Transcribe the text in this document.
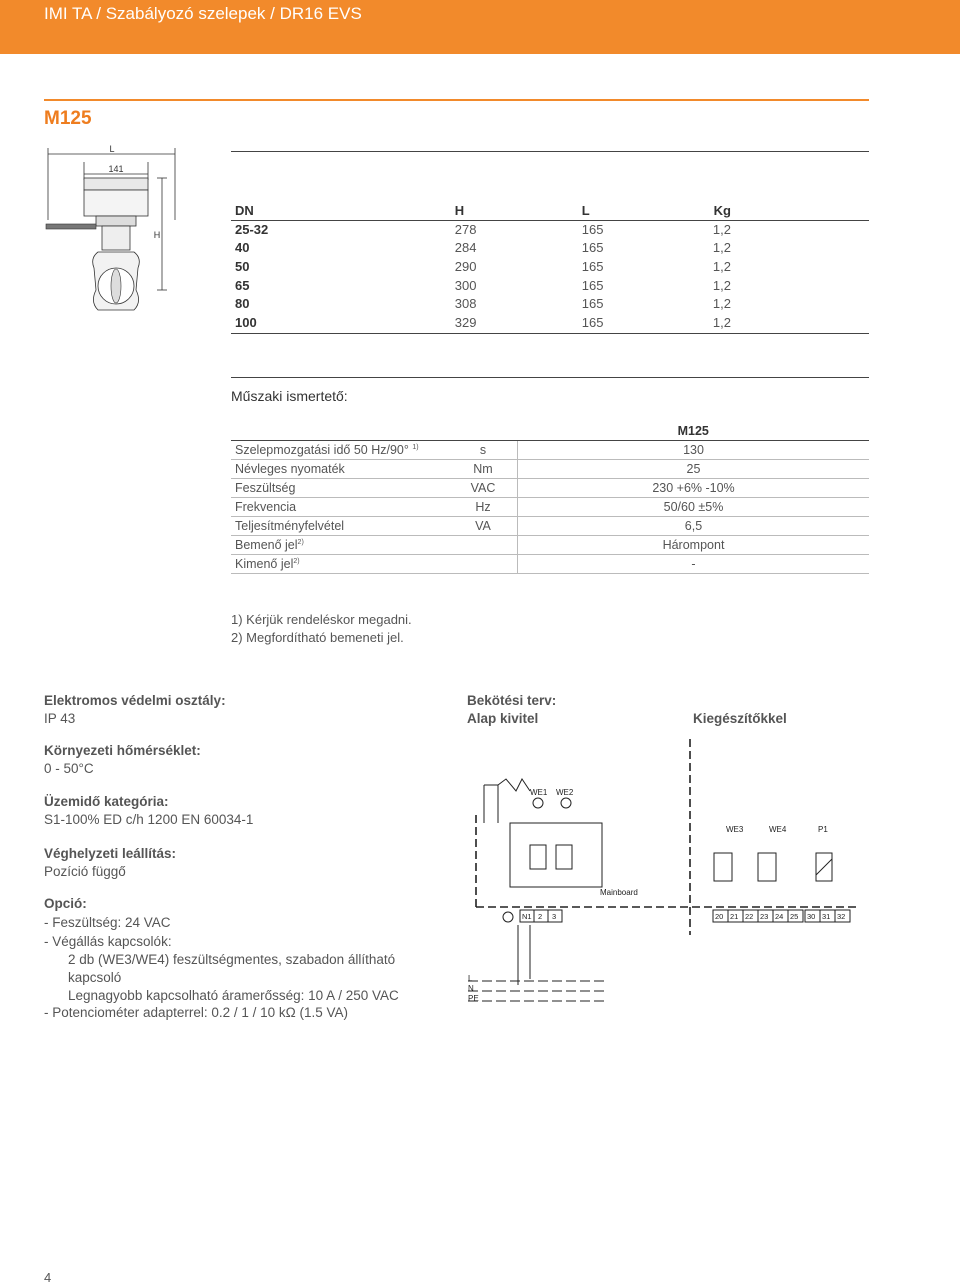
IMI TA / Szabályozó szelepek / DR16 EVS
M125
L
141
H
DN	H	L	Kg
25-32	278	165	1,2
40	284	165	1,2
50	290	165	1,2
65	300	165	1,2
80	308	165	1,2
100	329	165	1,2
Műszaki ismertető:
		M125
Szelepmozgatási idő 50 Hz/90° $^{1)}$	s	130
Névleges nyomaték	Nm	25
Feszültség	VAC	230 +6% -10%
Frekvencia	Hz	50/60 ±5%
Teljesítményfelvétel	VA	6,5
Bemenő jel$^{2)}$		Hárompont
Kimenő jel$^{2)}$		-
1) Kérjük rendeléskor megadni.
2) Megfordítható bemeneti jel.
Elektromos védelmi osztály:
IP 43
Környezeti hőmérséklet:
0 - 50°C
Üzemidő kategória:
S1-100% ED c/h 1200 EN 60034-1
Véghelyzeti leállítás:
Pozíció függő
Opció:
- Feszültség: 24 VAC
- Végállás kapcsolók:
2 db (WE3/WE4) feszültségmentes, szabadon állítható
kapcsoló
Legnagyobb kapcsolható áramerősség: 10 A / 250 VAC
- Potenciométer adapterrel: 0.2 / 1 / 10 kΩ (1.5 VA)
Bekötési terv:
Alap kivitel	Kiegészítőkkel
WE1 WE2
WE3	WE4	P1
Mainboard
L
N
PE
N1 2 3	20 21 22 23 24 25 30 31 32
4
